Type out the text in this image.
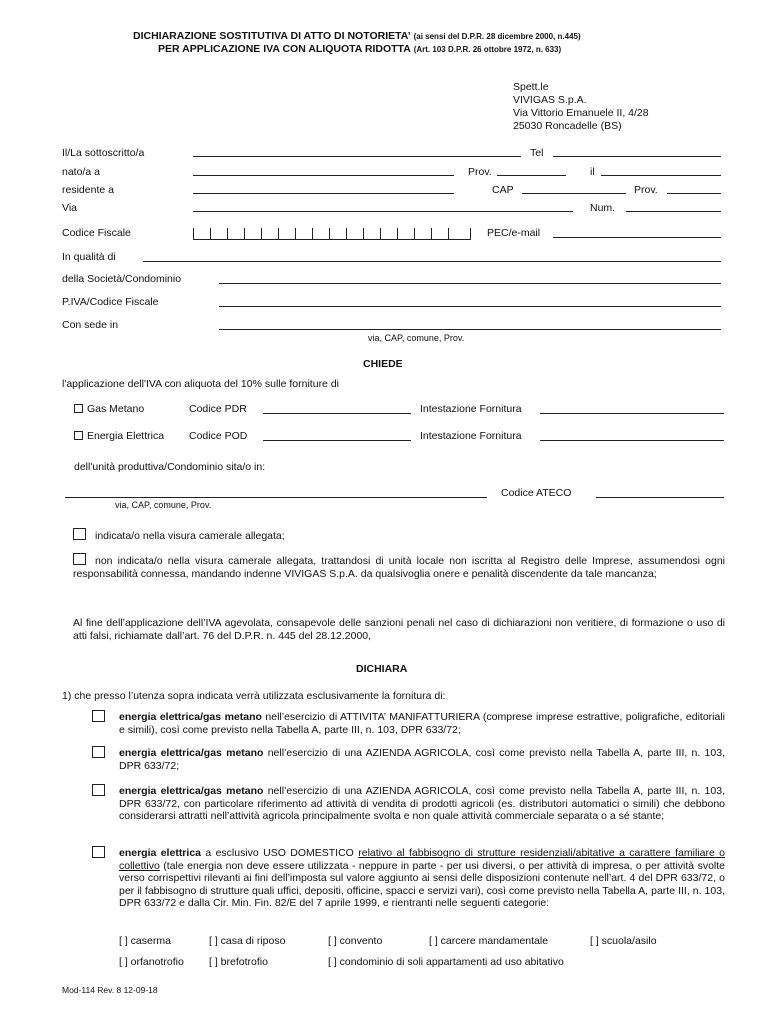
DICHIARAZIONE SOSTITUTIVA DI ATTO DI NOTORIETA’ (ai sensi del D.P.R. 28 dicembre 2000, n.445)
PER APPLICAZIONE IVA CON ALIQUOTA RIDOTTA (Art. 103 D.P.R. 26 ottobre 1972, n. 633)
Spett.le
VIVIGAS S.p.A.
Via Vittorio Emanuele II, 4/28
25030 Roncadelle (BS)
Il/La sottoscritto/a	Tel
nato/a a	Prov.	il
residente a	CAP	Prov.
Via	Num.
Codice Fiscale	PEC/e-mail
In qualità di
della Società/Condominio
P.IVA/Codice Fiscale
Con sede in
via, CAP, comune, Prov.
CHIEDE
l'applicazione dell'IVA con aliquota del 10% sulle forniture di
Gas Metano	Codice PDR	Intestazione Fornitura
Energia Elettrica Codice POD	Intestazione Fornitura
dell'unità produttiva/Condominio sita/o in:
Codice ATECO
via, CAP, comune, Prov.
indicata/o nella visura camerale allegata;
non indicata/o nella visura camerale allegata, trattandosi di unità locale non iscritta al Registro delle Imprese, assumendosi ogni responsabilità connessa, mandando indenne VIVIGAS S.p.A. da qualsivoglia onere e penalità discendente da tale mancanza;
Al fine dell’applicazione dell’IVA agevolata, consapevole delle sanzioni penali nel caso di dichiarazioni non veritiere, di formazione o uso di atti falsi, richiamate dall’art. 76 del D.P.R. n. 445 del 28.12.2000,
DICHIARA
1) che presso l’utenza sopra indicata verrà utilizzata esclusivamente la fornitura di:
energia elettrica/gas metano nell’esercizio di ATTIVITA’ MANIFATTURIERA (comprese imprese estrattive, poligrafiche, editoriali e simili), così come previsto nella Tabella A, parte III, n. 103, DPR 633/72;
energia elettrica/gas metano nell’esercizio di una AZIENDA AGRICOLA, così come previsto nella Tabella A, parte III, n. 103, DPR 633/72;
energia elettrica/gas metano nell’esercizio di una AZIENDA AGRICOLA, così come previsto nella Tabella A, parte III, n. 103, DPR 633/72, con particolare riferimento ad attività di vendita di prodotti agricoli (es. distributori automatici o simili) che debbono considerarsi attratti nell’attività agricola principalmente svolta e non quale attività commerciale separata o a sé stante;
energia elettrica a esclusivo USO DOMESTICO relativo al fabbisogno di strutture residenziali/abitative a carattere familiare o collettivo (tale energia non deve essere utilizzata - neppure in parte - per usi diversi, o per attività di impresa, o per attività svolte verso corrispettivi rilevanti ai fini dell’imposta sul valore aggiunto ai sensi delle disposizioni contenute nell’art. 4 del DPR 633/72, o per il fabbisogno di strutture quali uffici, depositi, officine, spacci e servizi vari), così come previsto nella Tabella A, parte III, n. 103, DPR 633/72 e dalla Cir. Min. Fin. 82/E del 7 aprile 1999, e rientranti nelle seguenti categorie:
[ ] caserma	[ ] casa di riposo	[ ] convento	[ ] carcere mandamentale	[ ] scuola/asilo
[ ] orfanotrofio [ ] brefotrofio	[ ] condominio di soli appartamenti ad uso abitativo
Mod-114 Rev. 8 12-09-18
